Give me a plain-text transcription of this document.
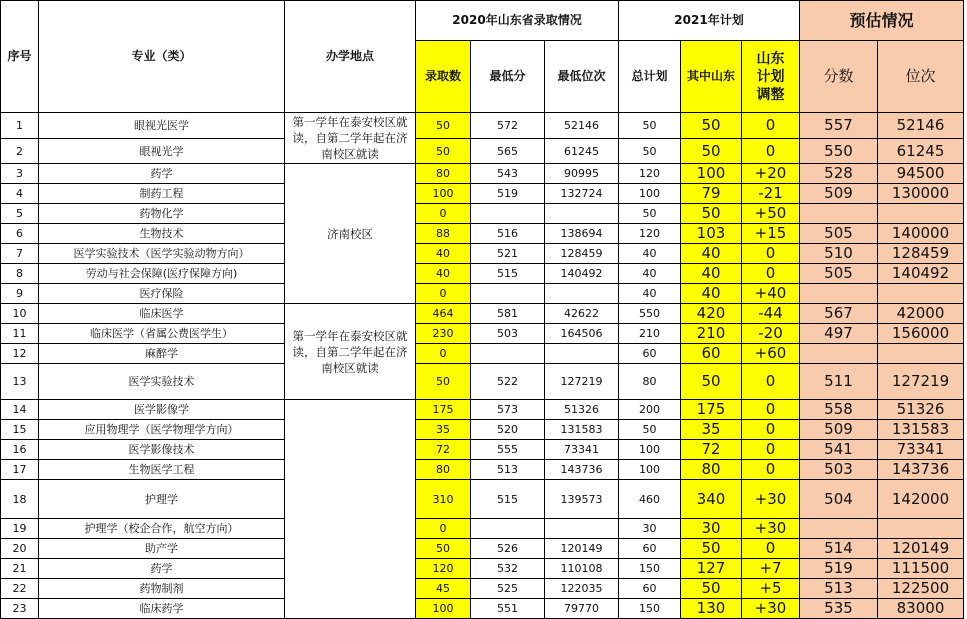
序号	专业（类）	办学地点	2020年山东省录取情况			2021年计划			预估情况	
			录取数	最低分	最低位次	总计划	其中山东	山东计划调整	分数	位次
1	眼视光医学	第一学年在泰安校区就读，自第二学年起在济南校区就读	50	572	52146	50	50	0	557	52146
2	眼视光学		50	565	61245	50	50	0	550	61245
3	药学	济南校区	80	543	90995	120	100	+20	528	94500
4	制药工程		100	519	132724	100	79	-21	509	130000
5	药物化学		0			50	50	+50		
6	生物技术		88	516	138694	120	103	+15	505	140000
7	医学实验技术（医学实验动物方向）		40	521	128459	40	40	0	510	128459
8	劳动与社会保障(医疗保障方向)		40	515	140492	40	40	0	505	140492
9	医疗保险		0			40	40	+40		
10	临床医学	第一学年在泰安校区就读，自第二学年起在济南校区就读	464	581	42622	550	420	-44	567	42000
11	临床医学（省属公费医学生）		230	503	164506	210	210	-20	497	156000
12	麻醉学		0			60	60	+60		
13	医学实验技术		50	522	127219	80	50	0	511	127219
14	医学影像学		175	573	51326	200	175	0	558	51326
15	应用物理学（医学物理学方向）		35	520	131583	50	35	0	509	131583
16	医学影像技术		72	555	73341	100	72	0	541	73341
17	生物医学工程		80	513	143736	100	80	0	503	143736
18	护理学		310	515	139573	460	340	+30	504	142000
19	护理学（校企合作，航空方向）		0			30	30	+30		
20	助产学		50	526	120149	60	50	0	514	120149
21	药学		120	532	110108	150	127	+7	519	111500
22	药物制剂		45	525	122035	60	50	+5	513	122500
23	临床药学		100	551	79770	150	130	+30	535	83000
